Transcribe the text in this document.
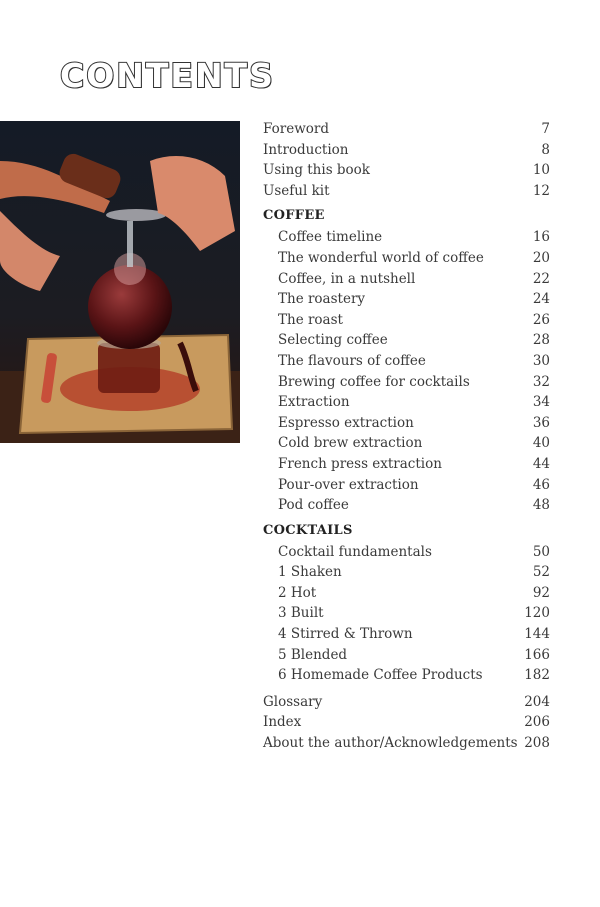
CONTENTS
Foreword	7
Introduction	8
Using this book	10
Useful kit	12
COFFEE
Coffee timeline	16
The wonderful world of coffee	20
Coffee, in a nutshell	22
The roastery	24
The roast	26
Selecting coffee	28
The flavours of coffee	30
Brewing coffee for cocktails	32
Extraction	34
Espresso extraction	36
Cold brew extraction	40
French press extraction	44
Pour-over extraction	46
Pod coffee	48
COCKTAILS
Cocktail fundamentals	50
1 Shaken	52
2 Hot	92
3 Built	120
4 Stirred & Thrown	144
5 Blended	166
6 Homemade Coffee Products	182
Glossary	204
Index	206
About the author/Acknowledgements 208
